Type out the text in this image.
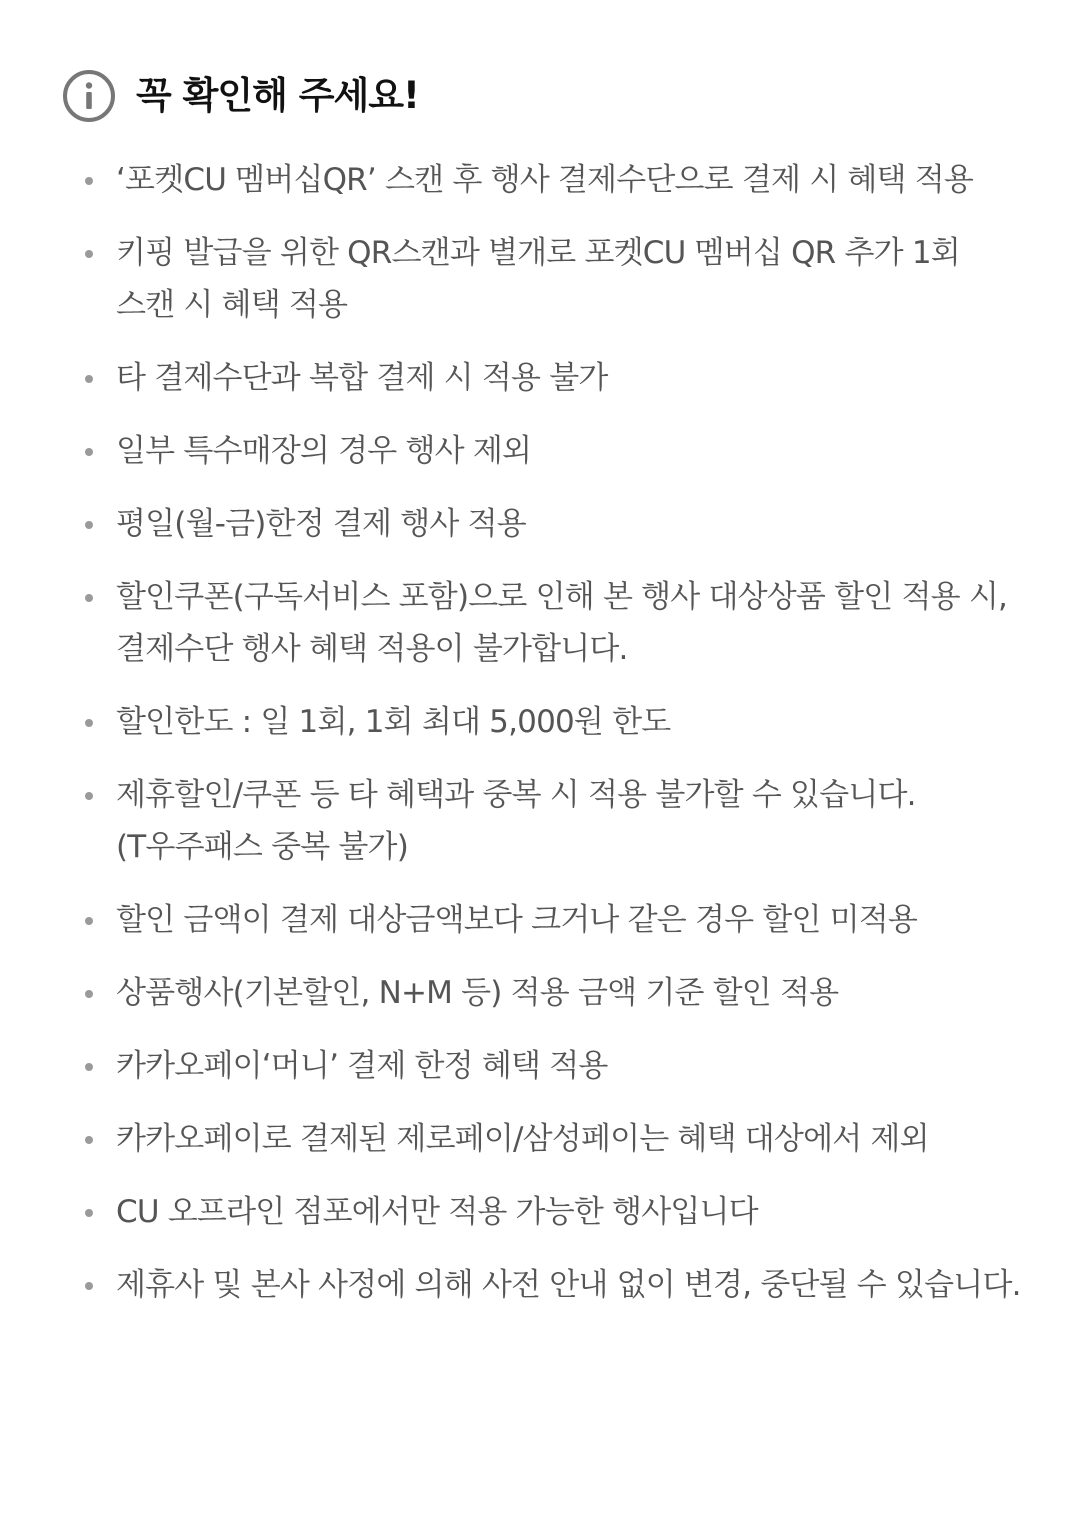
꼭 확인해 주세요!
‘포켓CU 멤버십QR’ 스캔 후 행사 결제수단으로 결제 시 혜택 적용
키핑 발급을 위한 QR스캔과 별개로 포켓CU 멤버십 QR 추가 1회 스캔 시 혜택 적용
타 결제수단과 복합 결제 시 적용 불가
일부 특수매장의 경우 행사 제외
평일(월-금)한정 결제 행사 적용
할인쿠폰(구독서비스 포함)으로 인해 본 행사 대상상품 할인 적용 시, 결제수단 행사 혜택 적용이 불가합니다.
할인한도 : 일 1회, 1회 최대 5,000원 한도
제휴할인/쿠폰 등 타 혜택과 중복 시 적용 불가할 수 있습니다. (T우주패스 중복 불가)
할인 금액이 결제 대상금액보다 크거나 같은 경우 할인 미적용
상품행사(기본할인, N+M 등) 적용 금액 기준 할인 적용
카카오페이‘머니’ 결제 한정 혜택 적용
카카오페이로 결제된 제로페이/삼성페이는 혜택 대상에서 제외
CU 오프라인 점포에서만 적용 가능한 행사입니다
제휴사 및 본사 사정에 의해 사전 안내 없이 변경, 중단될 수 있습니다.
